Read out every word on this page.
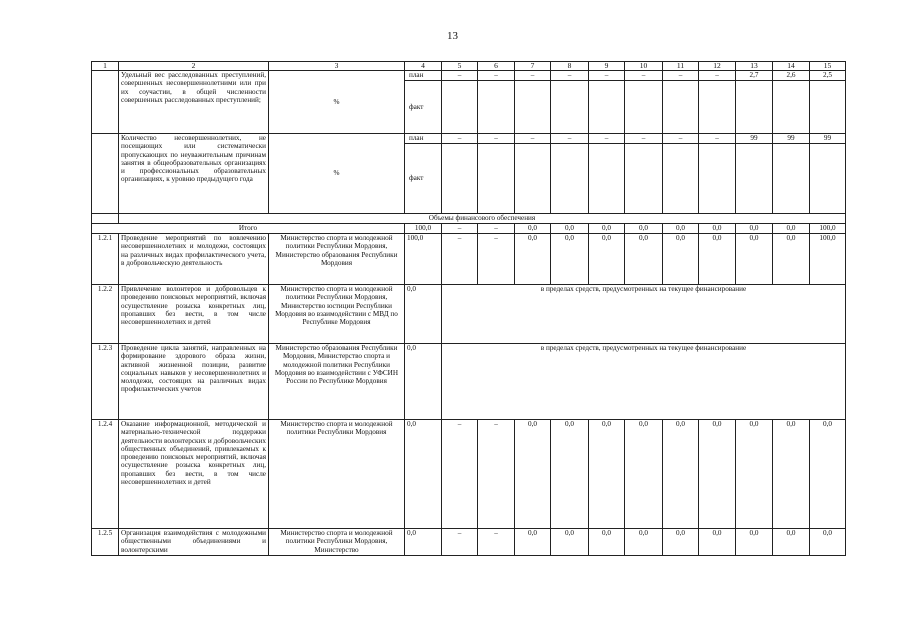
13
1	2	3	4	5	6	7	8	9	10	11	12	13	14	15
	Удельный вес расследованных преступлений, совершенных несовершеннолетними или при их соучастии, в общей численности совершенных расследованных преступлений;	%	план	–	–	–	–	–	–	–	–	2,7	2,6	2,5
			факт											
	Количество несовершеннолетних, не посещающих или систематически пропускающих по неуважительным причинам занятия в общеобразовательных организациях и профессиональных образовательных организациях, к уровню предыдущего года	%	план	–	–	–	–	–	–	–	–	99	99	99
			факт											
	Объемы финансового обеспечения													
Итого			100,0	–	–	0,0	0,0	0,0	0,0	0,0	0,0	0,0	0,0	100,0
1.2.1	Проведение мероприятий по вовлечению несовершеннолетних и молодежи, состоящих на различных видах профилактического учета, в добровольческую деятельность	Министерство спорта и молодежной политики Республики Мордовия, Министерство образования Республики Мордовия	100,0	–	–	0,0	0,0	0,0	0,0	0,0	0,0	0,0	0,0	100,0
1.2.2	Привлечение волонтеров и добровольцев к проведению поисковых мероприятий, включая осуществление розыска конкретных лиц, пропавших без вести, в том числе несовершеннолетних и детей	Министерство спорта и молодежной политики Республики Мордовия, Министерство юстиции Республики Мордовия во взаимодействии с МВД по Республике Мордовия	0,0	в пределах средств, предусмотренных на текущее финансирование										
1.2.3	Проведение цикла занятий, направленных на формирование здорового образа жизни, активной жизненной позиции, развитие социальных навыков у несовершеннолетних и молодежи, состоящих на различных видах профилактических учетов	Министерство образования Республики Мордовия, Министерство спорта и молодежной политики Республики Мордовия во взаимодействии с УФСИН России по Республике Мордовия	0,0	в пределах средств, предусмотренных на текущее финансирование										
1.2.4	Оказание информационной, методической и материально-технической поддержки деятельности волонтерских и добровольческих общественных объединений, привлекаемых к проведению поисковых мероприятий, включая осуществление розыска конкретных лиц, пропавших без вести, в том числе несовершеннолетних и детей	Министерство спорта и молодежной политики Республики Мордовия	0,0	–	–	0,0	0,0	0,0	0,0	0,0	0,0	0,0	0,0	0,0
1.2.5	Организация взаимодействия с молодежными общественными объединениями и волонтерскими	Министерство спорта и молодежной политики Республики Мордовия, Министерство	0,0	–	–	0,0	0,0	0,0	0,0	0,0	0,0	0,0	0,0	0,0
